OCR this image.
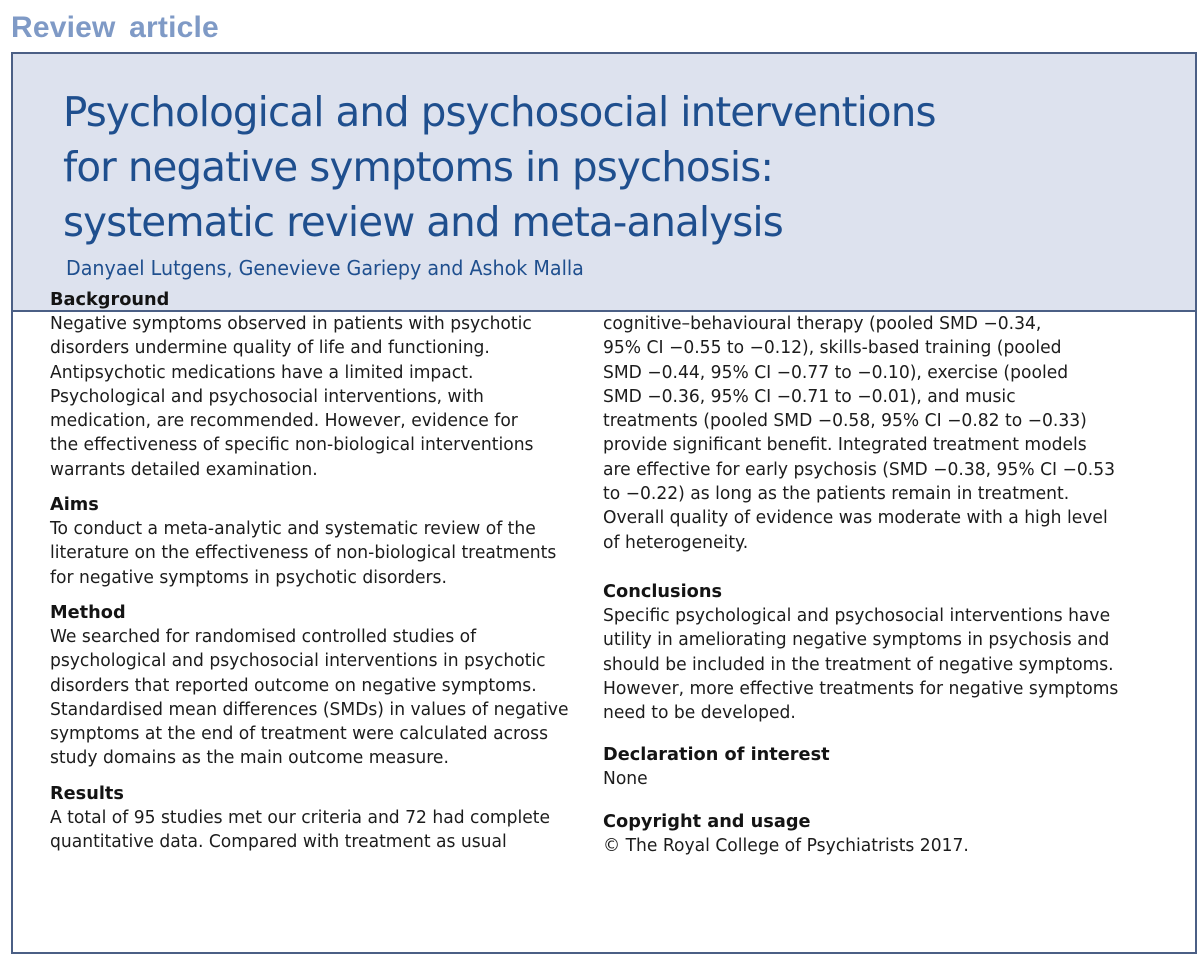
Review article
Psychological and psychosocial interventions
for negative symptoms in psychosis:
systematic review and meta-analysis
Danyael Lutgens, Genevieve Gariepy and Ashok Malla
Background
Negative symptoms observed in patients with psychotic
disorders undermine quality of life and functioning.
Antipsychotic medications have a limited impact.
Psychological and psychosocial interventions, with
medication, are recommended. However, evidence for
the effectiveness of specific non-biological interventions
warrants detailed examination.
Aims
To conduct a meta-analytic and systematic review of the
literature on the effectiveness of non-biological treatments
for negative symptoms in psychotic disorders.
Method
We searched for randomised controlled studies of
psychological and psychosocial interventions in psychotic
disorders that reported outcome on negative symptoms.
Standardised mean differences (SMDs) in values of negative
symptoms at the end of treatment were calculated across
study domains as the main outcome measure.
Results
A total of 95 studies met our criteria and 72 had complete
quantitative data. Compared with treatment as usual
cognitive–behavioural therapy (pooled SMD −0.34,
95% CI −0.55 to −0.12), skills-based training (pooled
SMD −0.44, 95% CI −0.77 to −0.10), exercise (pooled
SMD −0.36, 95% CI −0.71 to −0.01), and music
treatments (pooled SMD −0.58, 95% CI −0.82 to −0.33)
provide significant benefit. Integrated treatment models
are effective for early psychosis (SMD −0.38, 95% CI −0.53
to −0.22) as long as the patients remain in treatment.
Overall quality of evidence was moderate with a high level
of heterogeneity.
Conclusions
Specific psychological and psychosocial interventions have
utility in ameliorating negative symptoms in psychosis and
should be included in the treatment of negative symptoms.
However, more effective treatments for negative symptoms
need to be developed.
Declaration of interest
None
Copyright and usage
© The Royal College of Psychiatrists 2017.
